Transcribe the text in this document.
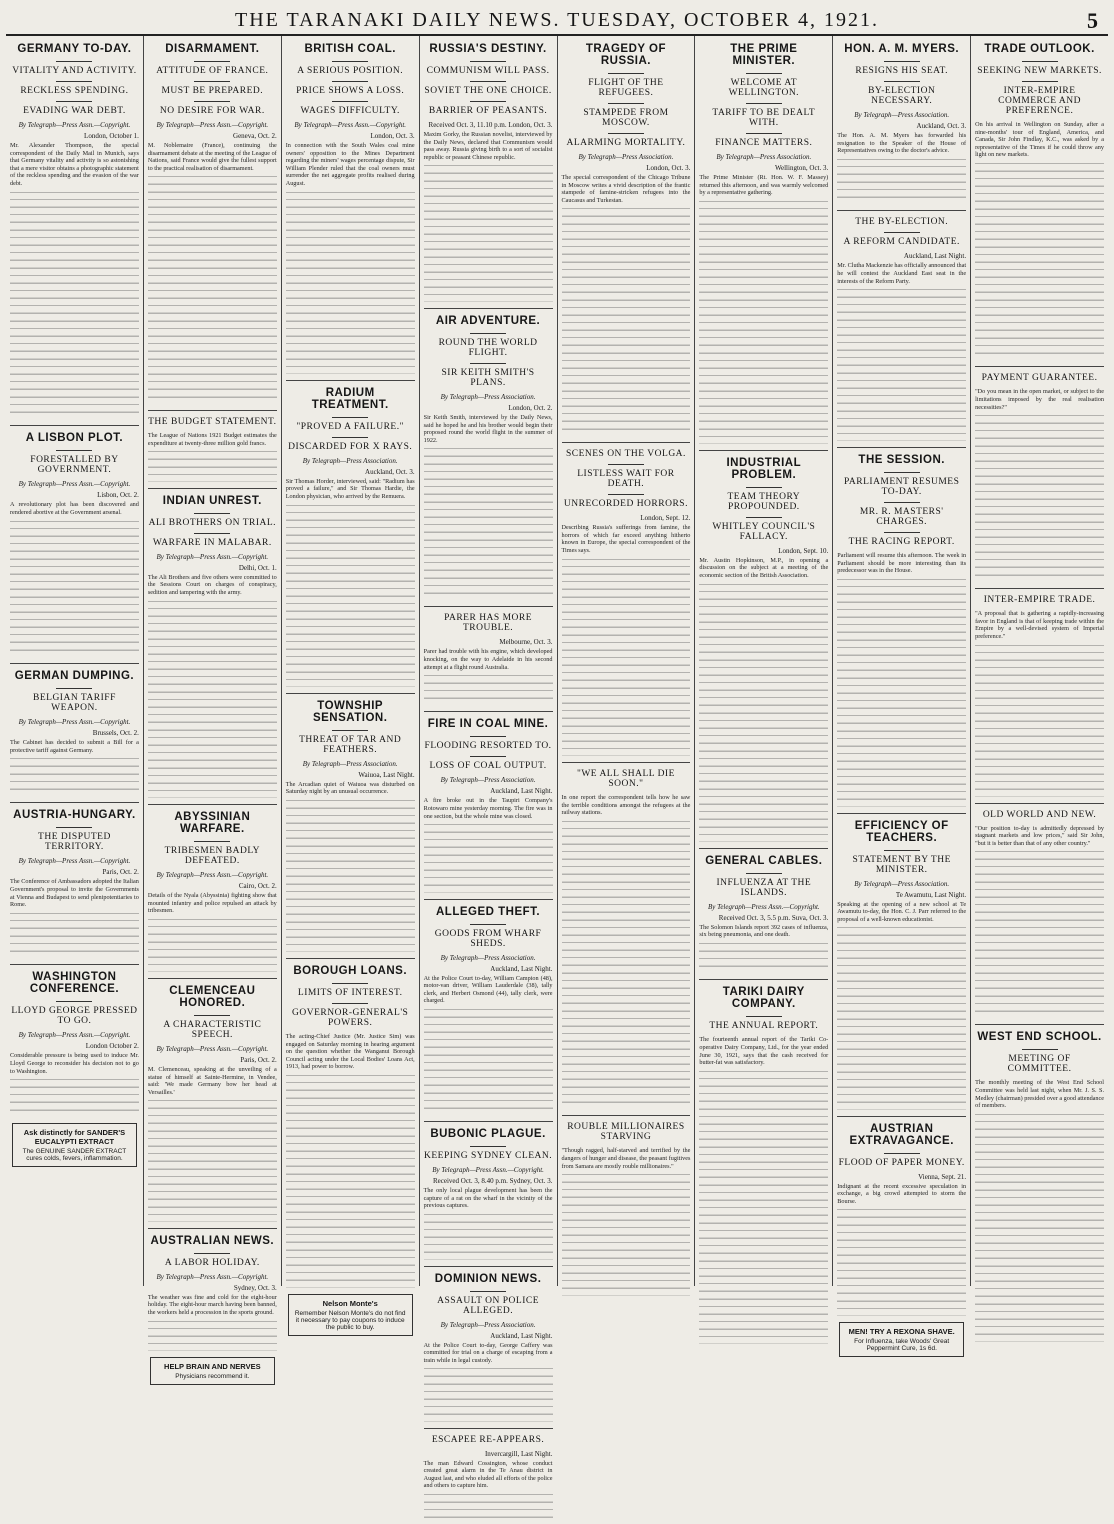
THE TARANAKI DAILY NEWS. TUESDAY, OCTOBER 4, 1921.	5
GERMANY TO-DAY.
VITALITY AND ACTIVITY.
RECKLESS SPENDING.
EVADING WAR DEBT.
By Telegraph—Press Assn.—Copyright.
London, October 1.
Mr. Alexander Thompson, the special correspondent of the Daily Mail in Munich, says that Germany vitality and activity is so astonishing that a mere visitor obtains a photographic statement of the reckless spending and the evasion of the war debt.
A LISBON PLOT.
FORESTALLED BY GOVERNMENT.
By Telegraph—Press Assn.—Copyright.
Lisbon, Oct. 2.
A revolutionary plot has been discovered and rendered abortive at the Government arsenal.
GERMAN DUMPING.
BELGIAN TARIFF WEAPON.
By Telegraph—Press Assn.—Copyright.
Brussels, Oct. 2.
The Cabinet has decided to submit a Bill for a protective tariff against Germany.
AUSTRIA-HUNGARY.
THE DISPUTED TERRITORY.
By Telegraph—Press Assn.—Copyright.
Paris, Oct. 2.
The Conference of Ambassadors adopted the Italian Government's proposal to invite the Governments at Vienna and Budapest to send plenipotentiaries to Rome.
WASHINGTON CONFERENCE.
LLOYD GEORGE PRESSED TO GO.
By Telegraph—Press Assn.—Copyright.
London October 2.
Considerable pressure is being used to induce Mr. Lloyd George to reconsider his decision not to go to Washington.
Ask distinctly for SANDER'S EUCALYPTI EXTRACT
The GENUINE SANDER EXTRACT cures colds, fevers, inflammation.
DISARMAMENT.
ATTITUDE OF FRANCE.
MUST BE PREPARED.
NO DESIRE FOR WAR.
By Telegraph—Press Assn.—Copyright.
Geneva, Oct. 2.
M. Noblemaire (France), continuing the disarmament debate at the meeting of the League of Nations, said France would give the fullest support to the practical realisation of disarmament.
THE BUDGET STATEMENT.
The League of Nations 1921 Budget estimates the expenditure at twenty-three million gold francs.
INDIAN UNREST.
ALI BROTHERS ON TRIAL.
WARFARE IN MALABAR.
By Telegraph—Press Assn.—Copyright.
Delhi, Oct. 1.
The Ali Brothers and five others were committed to the Sessions Court on charges of conspiracy, sedition and tampering with the army.
ABYSSINIAN WARFARE.
TRIBESMEN BADLY DEFEATED.
By Telegraph—Press Assn.—Copyright.
Cairo, Oct. 2.
Details of the Nyala (Abyssinia) fighting show that mounted infantry and police repulsed an attack by tribesmen.
CLEMENCEAU HONORED.
A CHARACTERISTIC SPEECH.
By Telegraph—Press Assn.—Copyright.
Paris, Oct. 2.
M. Clemenceau, speaking at the unveiling of a statue of himself at Sainte-Hermine, in Vendee, said: 'We made Germany bow her head at Versailles.'
AUSTRALIAN NEWS.
A LABOR HOLIDAY.
By Telegraph—Press Assn.—Copyright.
Sydney, Oct. 3.
The weather was fine and cold for the eight-hour holiday. The eight-hour march having been banned, the workers held a procession in the sports ground.
HELP BRAIN AND NERVES
Physicians recommend it.
BRITISH COAL.
A SERIOUS POSITION.
PRICE SHOWS A LOSS.
WAGES DIFFICULTY.
By Telegraph—Press Assn.—Copyright.
London, Oct. 3.
In connection with the South Wales coal mine owners' opposition to the Mines Department regarding the miners' wages percentage dispute, Sir William Plender ruled that the coal owners must surrender the net aggregate profits realised during August.
RADIUM TREATMENT.
"PROVED A FAILURE."
DISCARDED FOR X RAYS.
By Telegraph—Press Association.
Auckland, Oct. 3.
Sir Thomas Horder, interviewed, said: "Radium has proved a failure," and Sir Thomas Hardie, the London physician, who arrived by the Remuera.
TOWNSHIP SENSATION.
THREAT OF TAR AND FEATHERS.
By Telegraph—Press Association.
Waiuoa, Last Night.
The Arcadian quiet of Waiuoa was disturbed on Saturday night by an unusual occurrence.
BOROUGH LOANS.
LIMITS OF INTEREST.
GOVERNOR-GENERAL'S POWERS.
The acting-Chief Justice (Mr. Justice Sim) was engaged on Saturday morning in hearing argument on the question whether the Wanganui Borough Council acting under the Local Bodies' Loans Act, 1913, had power to borrow.
Nelson Monte's
Remember Nelson Monte's do not find it necessary to pay coupons to induce the public to buy.
RUSSIA'S DESTINY.
COMMUNISM WILL PASS.
SOVIET THE ONE CHOICE.
BARRIER OF PEASANTS.
Received Oct. 3, 11.10 p.m. London, Oct. 3.
Maxim Gorky, the Russian novelist, interviewed by the Daily News, declared that Communism would pass away. Russia giving birth to a sort of socialist republic or peasant Chinese republic.
AIR ADVENTURE.
ROUND THE WORLD FLIGHT.
SIR KEITH SMITH'S PLANS.
By Telegraph—Press Association.
London, Oct. 2.
Sir Keith Smith, interviewed by the Daily News, said he hoped he and his brother would begin their proposed round the world flight in the summer of 1922.
PARER HAS MORE TROUBLE.
Melbourne, Oct. 3.
Parer had trouble with his engine, which developed knocking, on the way to Adelaide in his second attempt at a flight round Australia.
FIRE IN COAL MINE.
FLOODING RESORTED TO.
LOSS OF COAL OUTPUT.
By Telegraph—Press Association.
Auckland, Last Night.
A fire broke out in the Taupiri Company's Rotowaro mine yesterday morning. The fire was in one section, but the whole mine was closed.
ALLEGED THEFT.
GOODS FROM WHARF SHEDS.
By Telegraph—Press Association.
Auckland, Last Night.
At the Police Court to-day, William Campion (48), motor-van driver, William Lauderdale (38), tally clerk, and Herbert Osmond (44), tally clerk, were charged.
BUBONIC PLAGUE.
KEEPING SYDNEY CLEAN.
By Telegraph—Press Assn.—Copyright.
Received Oct. 3, 8.40 p.m. Sydney, Oct. 3.
The only local plague development has been the capture of a rat on the wharf in the vicinity of the previous captures.
DOMINION NEWS.
ASSAULT ON POLICE ALLEGED.
By Telegraph—Press Association.
Auckland, Last Night.
At the Police Court to-day, George Caffery was committed for trial on a charge of escaping from a train while in legal custody.
ESCAPEE RE-APPEARS.
Invercargill, Last Night.
The man Edward Cossington, whose conduct created great alarm in the Te Anau district in August last, and who eluded all efforts of the police and others to capture him.
TRAGEDY OF RUSSIA.
FLIGHT OF THE REFUGEES.
STAMPEDE FROM MOSCOW.
ALARMING MORTALITY.
By Telegraph—Press Association.
London, Oct. 3.
The special correspondent of the Chicago Tribune in Moscow writes a vivid description of the frantic stampede of famine-stricken refugees into the Caucasus and Turkestan.
SCENES ON THE VOLGA.
LISTLESS WAIT FOR DEATH.
UNRECORDED HORRORS.
London, Sept. 12.
Describing Russia's sufferings from famine, the horrors of which far exceed anything hitherto known in Europe, the special correspondent of the Times says.
"WE ALL SHALL DIE SOON."
In one report the correspondent tells how he saw the terrible conditions amongst the refugees at the railway stations.
ROUBLE MILLIONAIRES STARVING
"Though ragged, half-starved and terrified by the dangers of hunger and disease, the peasant fugitives from Samara are mostly rouble millionaires."
THE PRIME MINISTER.
WELCOME AT WELLINGTON.
TARIFF TO BE DEALT WITH.
FINANCE MATTERS.
By Telegraph—Press Association.
Wellington, Oct. 3.
The Prime Minister (Rt. Hon. W. F. Massey) returned this afternoon, and was warmly welcomed by a representative gathering.
INDUSTRIAL PROBLEM.
TEAM THEORY PROPOUNDED.
WHITLEY COUNCIL'S FALLACY.
London, Sept. 10.
Mr. Austin Hopkinson, M.P., in opening a discussion on the subject at a meeting of the economic section of the British Association.
GENERAL CABLES.
INFLUENZA AT THE ISLANDS.
By Telegraph—Press Assn.—Copyright.
Received Oct. 3, 5.5 p.m. Suva, Oct. 3.
The Solomon Islands report 392 cases of influenza, six being pneumonia, and one death.
TARIKI DAIRY COMPANY.
THE ANNUAL REPORT.
The fourteenth annual report of the Tariki Co-operative Dairy Company, Ltd., for the year ended June 30, 1921, says that the cash received for butter-fat was satisfactory.
HON. A. M. MYERS.
RESIGNS HIS SEAT.
BY-ELECTION NECESSARY.
By Telegraph—Press Association.
Auckland, Oct. 3.
The Hon. A. M. Myers has forwarded his resignation to the Speaker of the House of Representatives owing to the doctor's advice.
THE BY-ELECTION.
A REFORM CANDIDATE.
Auckland, Last Night.
Mr. Clutha Mackenzie has officially announced that he will contest the Auckland East seat in the interests of the Reform Party.
THE SESSION.
PARLIAMENT RESUMES TO-DAY.
MR. R. MASTERS' CHARGES.
THE RACING REPORT.
Parliament will resume this afternoon. The week in Parliament should be more interesting than its predecessor was in the House.
EFFICIENCY OF TEACHERS.
STATEMENT BY THE MINISTER.
By Telegraph—Press Association.
Te Awamutu, Last Night.
Speaking at the opening of a new school at Te Awamutu to-day, the Hon. C. J. Parr referred to the proposal of a well-known educationist.
AUSTRIAN EXTRAVAGANCE.
FLOOD OF PAPER MONEY.
Vienna, Sept. 21.
Indignant at the recent excessive speculation in exchange, a big crowd attempted to storm the Bourse.
MEN! TRY A REXONA SHAVE.
For Influenza, take Woods' Great Peppermint Cure, 1s 6d.
TRADE OUTLOOK.
SEEKING NEW MARKETS.
INTER-EMPIRE COMMERCE AND PREFERENCE.
On his arrival in Wellington on Sunday, after a nine-months' tour of England, America, and Canada, Sir John Findlay, K.C., was asked by a representative of the Times if he could throw any light on new markets.
PAYMENT GUARANTEE.
"Do you mean in the open market, or subject to the limitations imposed by the real realisation necessities?"
INTER-EMPIRE TRADE.
"A proposal that is gathering a rapidly-increasing favor in England is that of keeping trade within the Empire by a well-devised system of Imperial preference."
OLD WORLD AND NEW.
"Our position to-day is admittedly depressed by stagnant markets and low prices," said Sir John, "but it is better than that of any other country."
WEST END SCHOOL.
MEETING OF COMMITTEE.
The monthly meeting of the West End School Committee was held last night, when Mr. J. S. S. Medley (chairman) presided over a good attendance of members.
